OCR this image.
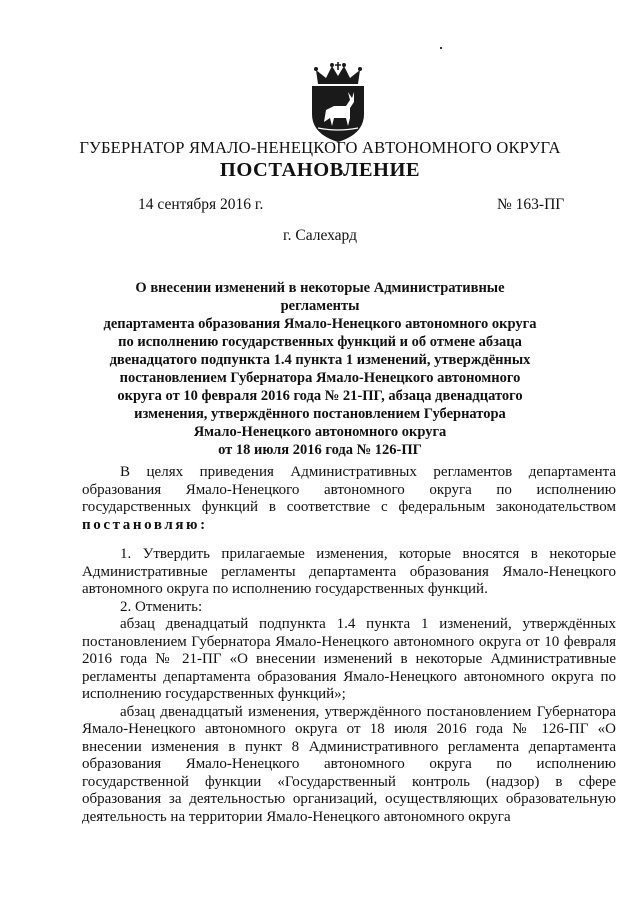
ГУБЕРНАТОР ЯМАЛО-НЕНЕЦКОГО АВТОНОМНОГО ОКРУГА
ПОСТАНОВЛЕНИЕ
14 сентября 2016 г.	№ 163-ПГ
г. Салехард
О внесении изменений в некоторые Административные регламенты
департамента образования Ямало-Ненецкого автономного округа
по исполнению государственных функций и об отмене абзаца
двенадцатого подпункта 1.4 пункта 1 изменений, утверждённых
постановлением Губернатора Ямало-Ненецкого автономного
округа от 10 февраля 2016 года № 21-ПГ, абзаца двенадцатого
изменения, утверждённого постановлением Губернатора
Ямало-Ненецкого автономного округа
от 18 июля 2016 года № 126-ПГ

В целях приведения Административных регламентов департамента образования Ямало-Ненецкого автономного округа по исполнению государственных функций в соответствие с федеральным законодательством постановляю:

1. Утвердить прилагаемые изменения, которые вносятся в некоторые Административные регламенты департамента образования Ямало-Ненецкого автономного округа по исполнению государственных функций.

2. Отменить:

абзац двенадцатый подпункта 1.4 пункта 1 изменений, утверждённых постановлением Губернатора Ямало-Ненецкого автономного округа от 10 февраля 2016 года № 21-ПГ «О внесении изменений в некоторые Административные регламенты департамента образования Ямало-Ненецкого автономного округа по исполнению государственных функций»;

абзац двенадцатый изменения, утверждённого постановлением Губернатора Ямало-Ненецкого автономного округа от 18 июля 2016 года № 126-ПГ «О внесении изменения в пункт 8 Административного регламента департамента образования Ямало-Ненецкого автономного округа по исполнению государственной функции «Государственный контроль (надзор) в сфере образования за деятельностью организаций, осуществляющих образовательную деятельность на территории Ямало-Ненецкого автономного округа
